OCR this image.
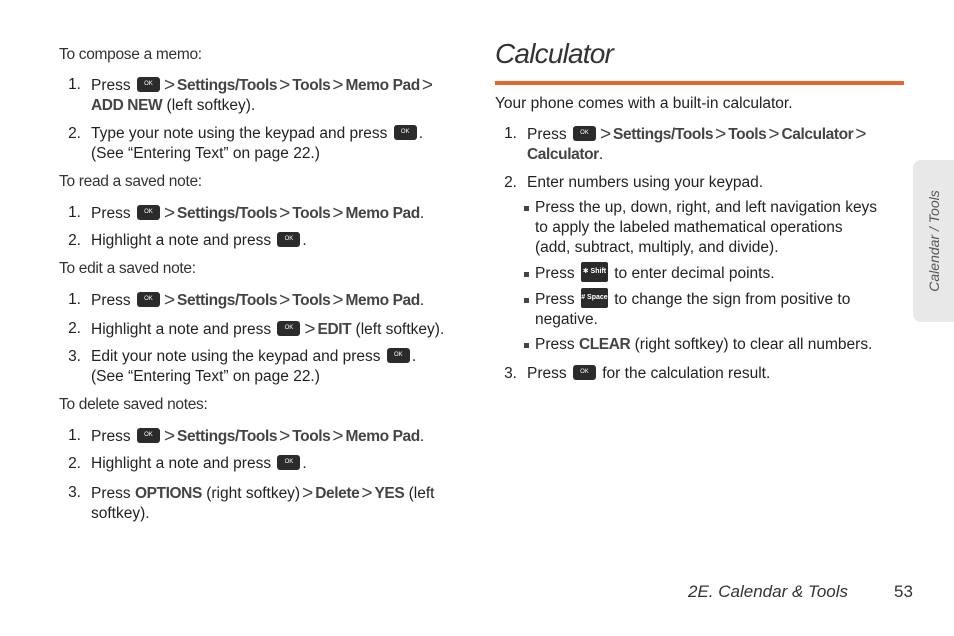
To compose a memo:
1. Press OK > Settings/Tools > Tools > Memo Pad >
ADD NEW (left softkey).
2. Type your note using the keypad and press OK .
(See “Entering Text” on page 22.)
To read a saved note:
1. Press OK > Settings/Tools > Tools > Memo Pad.
2. Highlight a note and press OK .
To edit a saved note:
1. Press OK > Settings/Tools > Tools > Memo Pad.
2. Highlight a note and press OK > EDIT (left softkey).
3. Edit your note using the keypad and press OK .
(See “Entering Text” on page 22.)
To delete saved notes:
1. Press OK > Settings/Tools > Tools > Memo Pad.
2. Highlight a note and press OK .
3. Press OPTIONS (right softkey) > Delete > YES (left
softkey).
Calculator
Your phone comes with a built-in calculator.
1. Press OK > Settings/Tools > Tools > Calculator >
Calculator.
2. Enter numbers using your keypad.
Press the up, down, right, and left navigation keys
to apply the labeled mathematical operations
(add, subtract, multiply, and divide).
Press ✱ Shift to enter decimal points.
Press # Space to change the sign from positive to
negative.
Press CLEAR (right softkey) to clear all numbers.
3. Press OK for the calculation result.
Calendar / Tools
2E. Calendar & Tools	53
